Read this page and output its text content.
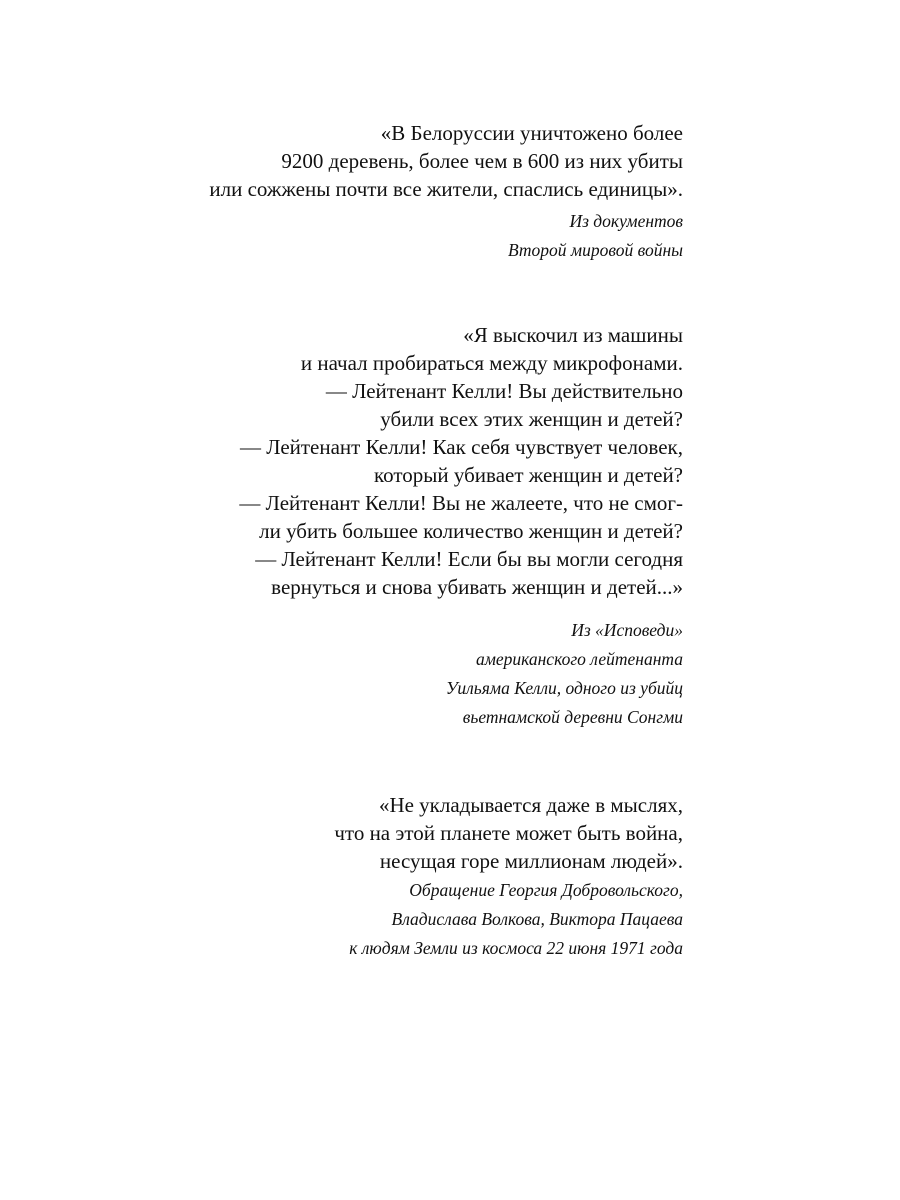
«В Белоруссии уничтожено более
9200 деревень, более чем в 600 из них убиты
или сожжены почти все жители, спаслись единицы».
Из документов
Второй мировой войны
«Я выскочил из машины
и начал пробираться между микрофонами.
— Лейтенант Келли! Вы действительно
убили всех этих женщин и детей?
— Лейтенант Келли! Как себя чувствует человек,
который убивает женщин и детей?
— Лейтенант Келли! Вы не жалеете, что не смог-
ли убить большее количество женщин и детей?
— Лейтенант Келли! Если бы вы могли сегодня
вернуться и снова убивать женщин и детей...»
Из «Исповеди»
американского лейтенанта
Уильяма Келли, одного из убийц
вьетнамской деревни Сонгми
«Не укладывается даже в мыслях,
что на этой планете может быть война,
несущая горе миллионам людей».
Обращение Георгия Добровольского,
Владислава Волкова, Виктора Пацаева
к людям Земли из космоса 22 июня 1971 года
